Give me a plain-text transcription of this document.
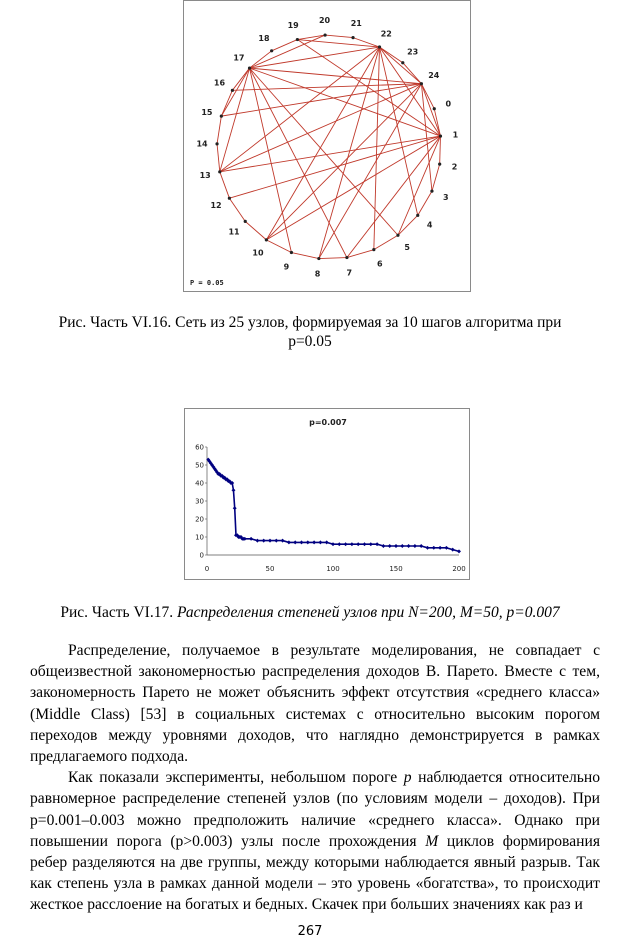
0
1
2
3
4
5
6
7
8
9
10
11
12
13
14
15
16
17
18
19
20	21
22
23
24
P = 0.05
Рис. Часть VI.16. Сеть из 25 узлов, формируемая за 10 шагов алгоритма при
p=0.05
p=0.007
0
10
20
30
40
50
60
0	50	100	150	200
Рис. Часть VI.17. Распределения степеней узлов при N=200, M=50, p=0.007

Распределение, получаемое в результате моделирования, не совпадает с общеизвестной закономерностью распределения доходов В. Парето. Вместе с тем, закономерность Парето не может объяснить эффект отсутствия «среднего класса» (Middle Class) [53] в социальных системах с относительно высоким порогом переходов между уровнями доходов, что наглядно демонстрируется в рамках предлагаемого подхода.

Как показали эксперименты, небольшом пороге p наблюдается относительно равномерное распределение степеней узлов (по условиям модели – доходов). При p=0.001–0.003 можно предположить наличие «среднего класса». Однако при повышении порога (p>0.003) узлы после прохождения M циклов формирования ребер разделяются на две группы, между которыми наблюдается явный разрыв. Так как степень узла в рамках данной модели – это уровень «богатства», то происходит жесткое расслоение на богатых и бедных. Скачек при больших значениях как раз и

267
